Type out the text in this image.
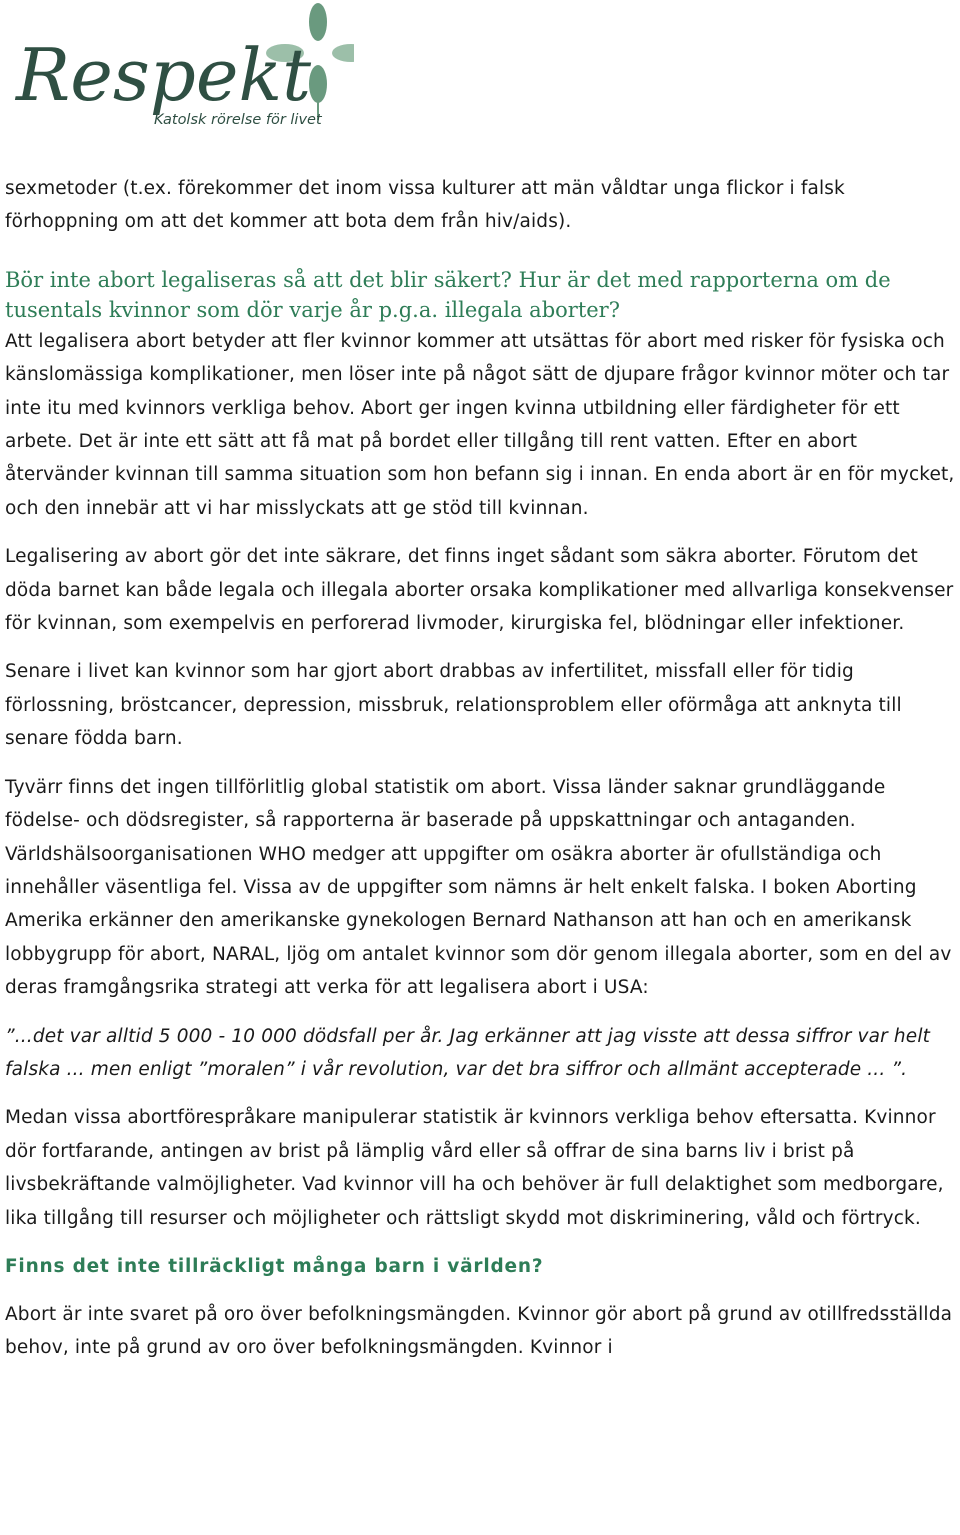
Respekt
Katolsk rörelse för livet

sexmetoder (t.ex. förekommer det inom vissa kulturer att män våldtar unga flickor i falsk förhoppning om att det kommer att bota dem från hiv/aids).

Bör inte abort legaliseras så att det blir säkert? Hur är det med rapporterna om de
tusentals kvinnor som dör varje år p.g.a. illegala aborter?

Att legalisera abort betyder att fler kvinnor kommer att utsättas för abort med risker för fysiska och känslomässiga komplikationer, men löser inte på något sätt de djupare frågor kvinnor möter och tar inte itu med kvinnors verkliga behov. Abort ger ingen kvinna utbildning eller färdigheter för ett arbete. Det är inte ett sätt att få mat på bordet eller tillgång till rent vatten. Efter en abort återvänder kvinnan till samma situation som hon befann sig i innan. En enda abort är en för mycket, och den innebär att vi har misslyckats att ge stöd till kvinnan.

Legalisering av abort gör det inte säkrare, det finns inget sådant som säkra aborter. Förutom det döda barnet kan både legala och illegala aborter orsaka komplikationer med allvarliga konsekvenser för kvinnan, som exempelvis en perforerad livmoder, kirurgiska fel, blödningar eller infektioner.

Senare i livet kan kvinnor som har gjort abort drabbas av infertilitet, missfall eller för tidig förlossning, bröstcancer, depression, missbruk, relationsproblem eller oförmåga att anknyta till senare födda barn.

Tyvärr finns det ingen tillförlitlig global statistik om abort. Vissa länder saknar grundläggande födelse- och dödsregister, så rapporterna är baserade på uppskattningar och antaganden. Världshälsoorganisationen WHO medger att uppgifter om osäkra aborter är ofullständiga och innehåller väsentliga fel. Vissa av de uppgifter som nämns är helt enkelt falska. I boken Aborting Amerika erkänner den amerikanske gynekologen Bernard Nathanson att han och en amerikansk lobbygrupp för abort, NARAL, ljög om antalet kvinnor som dör genom illegala aborter, som en del av deras framgångsrika strategi att verka för att legalisera abort i USA:

”...det var alltid 5 000 - 10 000 dödsfall per år. Jag erkänner att jag visste att dessa siffror var helt falska ... men enligt ”moralen” i vår revolution, var det bra siffror och allmänt accepterade ... ”.

Medan vissa abortförespråkare manipulerar statistik är kvinnors verkliga behov eftersatta. Kvinnor dör fortfarande, antingen av brist på lämplig vård eller så offrar de sina barns liv i brist på livsbekräftande valmöjligheter. Vad kvinnor vill ha och behöver är full delaktighet som medborgare, lika tillgång till resurser och möjligheter och rättsligt skydd mot diskriminering, våld och förtryck.

Finns det inte tillräckligt många barn i världen?

Abort är inte svaret på oro över befolkningsmängden. Kvinnor gör abort på grund av otillfredsställda behov, inte på grund av oro över befolkningsmängden. Kvinnor i
